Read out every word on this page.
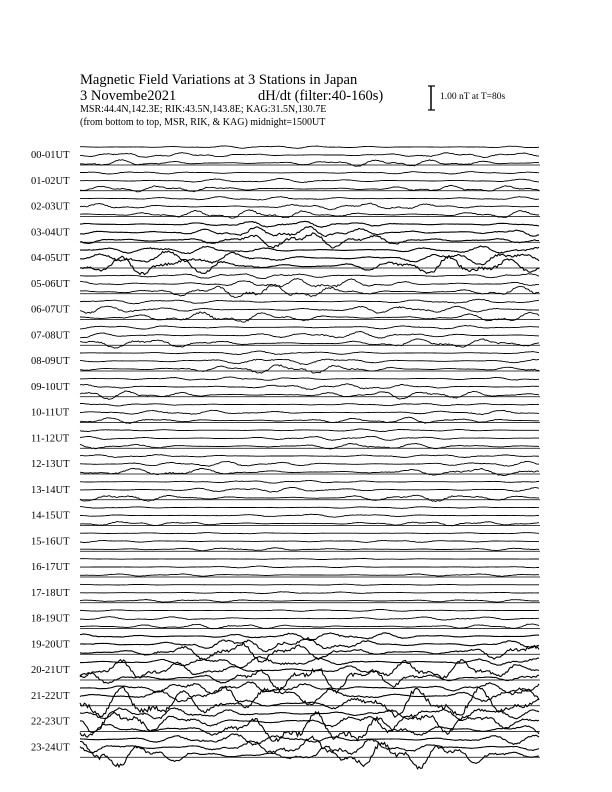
Magnetic Field Variations at 3 Stations in Japan
3 Novembe2021	dH/dt (filter:40-160s)
MSR:44.4N,142.3E; RIK:43.5N,143.8E; KAG:31.5N,130.7E
(from bottom to top, MSR, RIK, & KAG) midnight=1500UT
1.00 nT at T=80s
00-01UT
01-02UT
02-03UT
03-04UT
04-05UT
05-06UT
06-07UT
07-08UT
08-09UT
09-10UT
10-11UT
11-12UT
12-13UT
13-14UT
14-15UT
15-16UT
16-17UT
17-18UT
18-19UT
19-20UT
20-21UT
21-22UT
22-23UT
23-24UT
